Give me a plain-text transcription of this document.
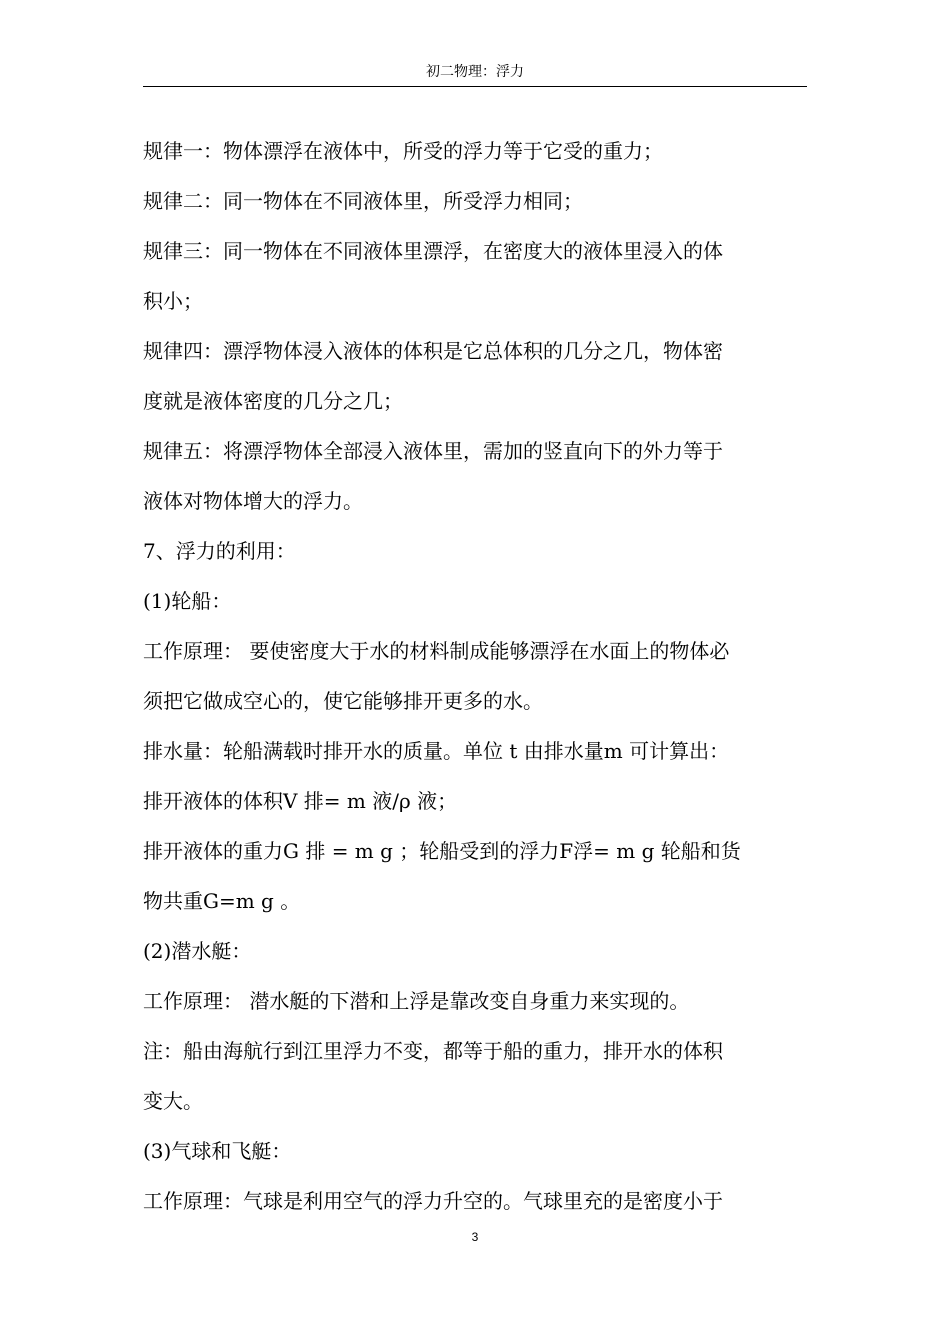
初二物理：浮力
规律一：物体漂浮在液体中，所受的浮力等于它受的重力；
规律二：同一物体在不同液体里，所受浮力相同；
规律三：同一物体在不同液体里漂浮，在密度大的液体里浸入的体
积小；
规律四：漂浮物体浸入液体的体积是它总体积的几分之几，物体密
度就是液体密度的几分之几；
规律五：将漂浮物体全部浸入液体里，需加的竖直向下的外力等于
液体对物体增大的浮力。
7、浮力的利用：
(1)轮船：
工作原理： 要使密度大于水的材料制成能够漂浮在水面上的物体必
须把它做成空心的，使它能够排开更多的水。
排水量：轮船满载时排开水的质量。单位 t 由排水量m 可计算出：
排开液体的体积V 排= m 液/ρ 液；
排开液体的重力G 排 = m g ；轮船受到的浮力F浮= m g 轮船和货
物共重G=m g 。
(2)潜水艇：
工作原理： 潜水艇的下潜和上浮是靠改变自身重力来实现的。
注：船由海航行到江里浮力不变，都等于船的重力，排开水的体积
变大。
(3)气球和飞艇：
工作原理：气球是利用空气的浮力升空的。气球里充的是密度小于
3
